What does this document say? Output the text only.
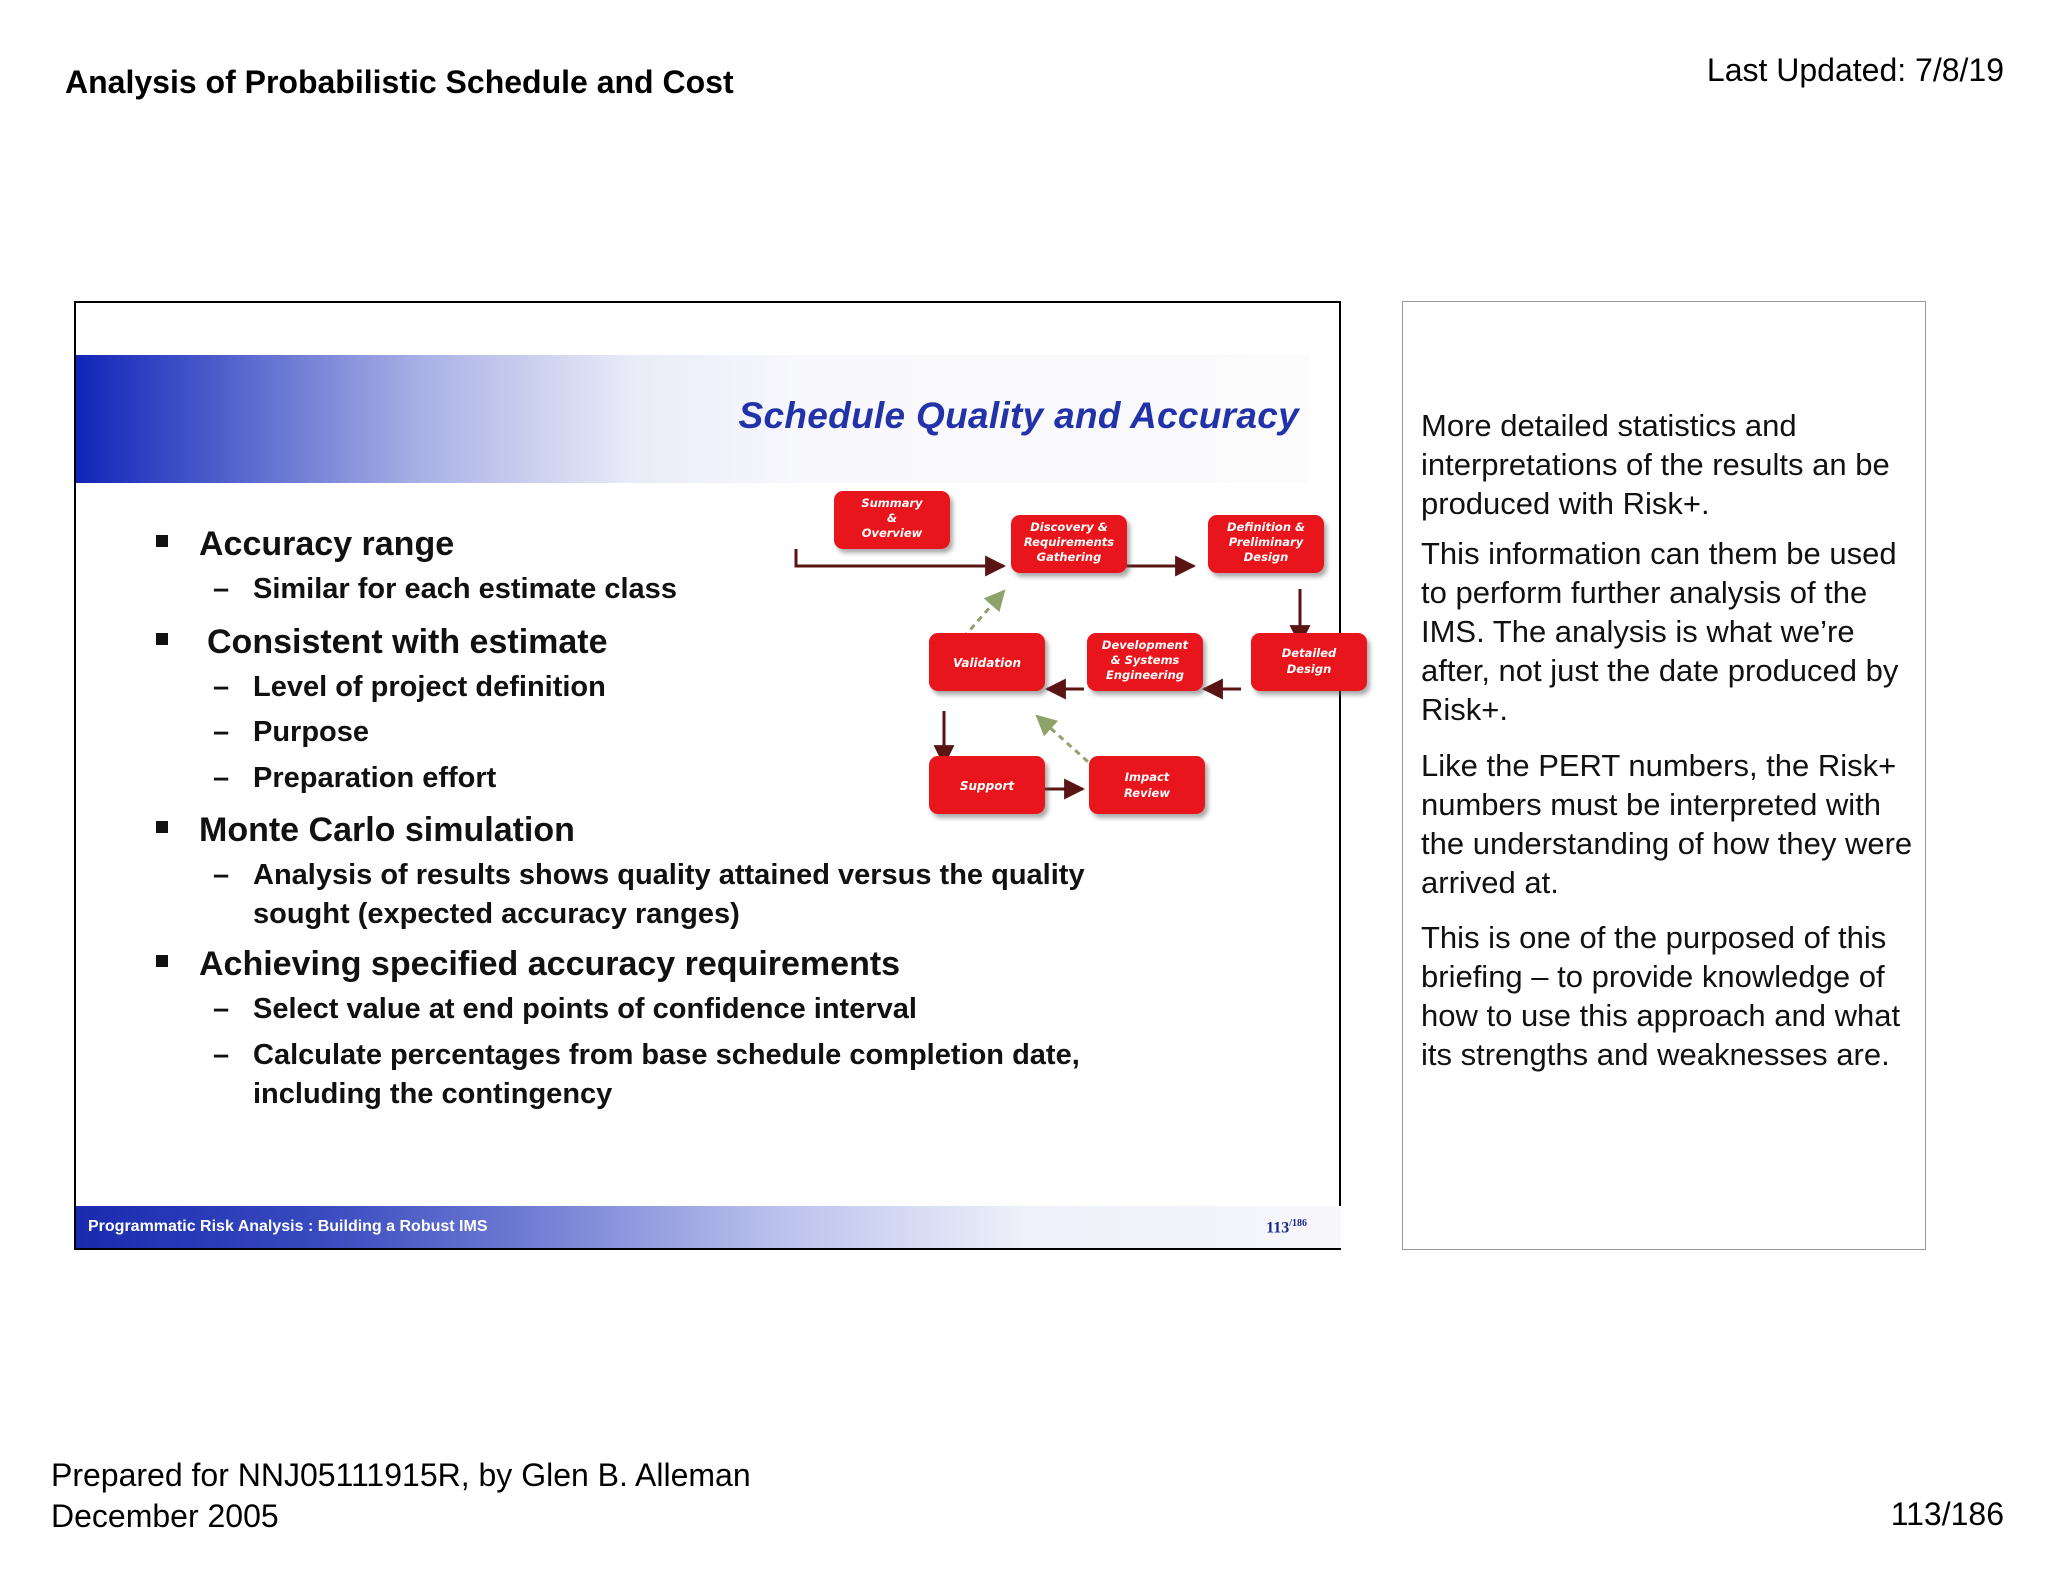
Analysis of Probabilistic Schedule and Cost	Last Updated: 7/8/19
Schedule Quality and Accuracy
Accuracy range
– Similar for each estimate class
Consistent with estimate
– Level of project definition
– Purpose
– Preparation effort
Monte Carlo simulation
– Analysis of results shows quality attained versus the quality
sought (expected accuracy ranges)
Achieving specified accuracy requirements
– Select value at end points of confidence interval
– Calculate percentages from base schedule completion date,
including the contingency
Summary
&
Overview	Discovery &
Requirements
Gathering
Definition &
Preliminary
Design
Validation
Development
& Systems
Engineering
Detailed
Design
Support
Impact
Review
Programmatic Risk Analysis : Building a Robust IMS	$113^{/186}$

More detailed statistics and interpretations of the results an be produced with Risk+.

This information can them be used to perform further analysis of the IMS. The analysis is what we’re after, not just the date produced by Risk+.

Like the PERT numbers, the Risk+ numbers must be interpreted with the understanding of how they were arrived at.

This is one of the purposed of this briefing – to provide knowledge of how to use this approach and what its strengths and weaknesses are.

Prepared for NNJ05111915R, by Glen B. Alleman
December 2005	113/186
